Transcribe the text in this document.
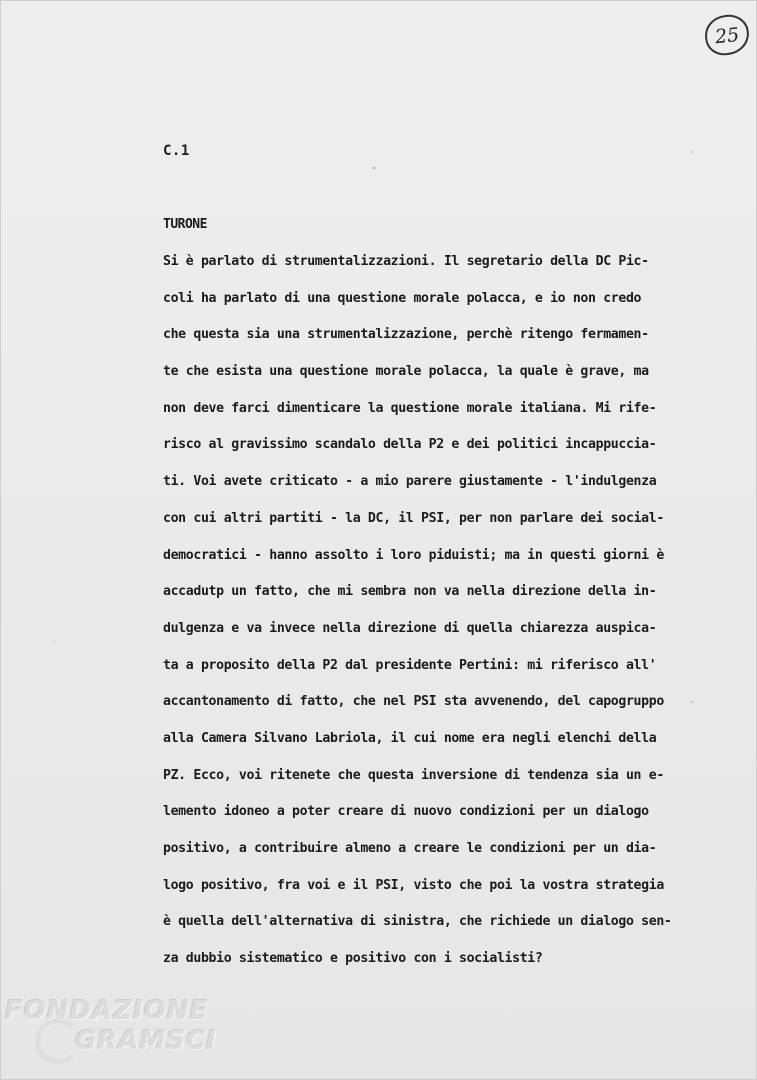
25
C.1
TURONE
Si è parlato di strumentalizzazioni. Il segretario della DC Pic-
coli ha parlato di una questione morale polacca, e io non credo
che questa sia una strumentalizzazione, perchè ritengo fermamen-
te che esista una questione morale polacca, la quale è grave, ma
non deve farci dimenticare la questione morale italiana. Mi rife-
risco al gravissimo scandalo della P2 e dei politici incappuccia-
ti. Voi avete criticato - a mio parere giustamente - l'indulgenza
con cui altri partiti - la DC, il PSI, per non parlare dei social-
democratici - hanno assolto i loro piduisti; ma in questi giorni è
accadutp un fatto, che mi sembra non va nella direzione della in-
dulgenza e va invece nella direzione di quella chiarezza auspica-
ta a proposito della P2 dal presidente Pertini: mi riferisco all'
accantonamento di fatto, che nel PSI sta avvenendo, del capogruppo
alla Camera Silvano Labriola, il cui nome era negli elenchi della
PZ. Ecco, voi ritenete che questa inversione di tendenza sia un e-
lemento idoneo a poter creare di nuovo condizioni per un dialogo
positivo, a contribuire almeno a creare le condizioni per un dia-
logo positivo, fra voi e il PSI, visto che poi la vostra strategia
è quella dell'alternativa di sinistra, che richiede un dialogo sen-
za dubbio sistematico e positivo con i socialisti?
FONDAZIONE
GRAMSCI
